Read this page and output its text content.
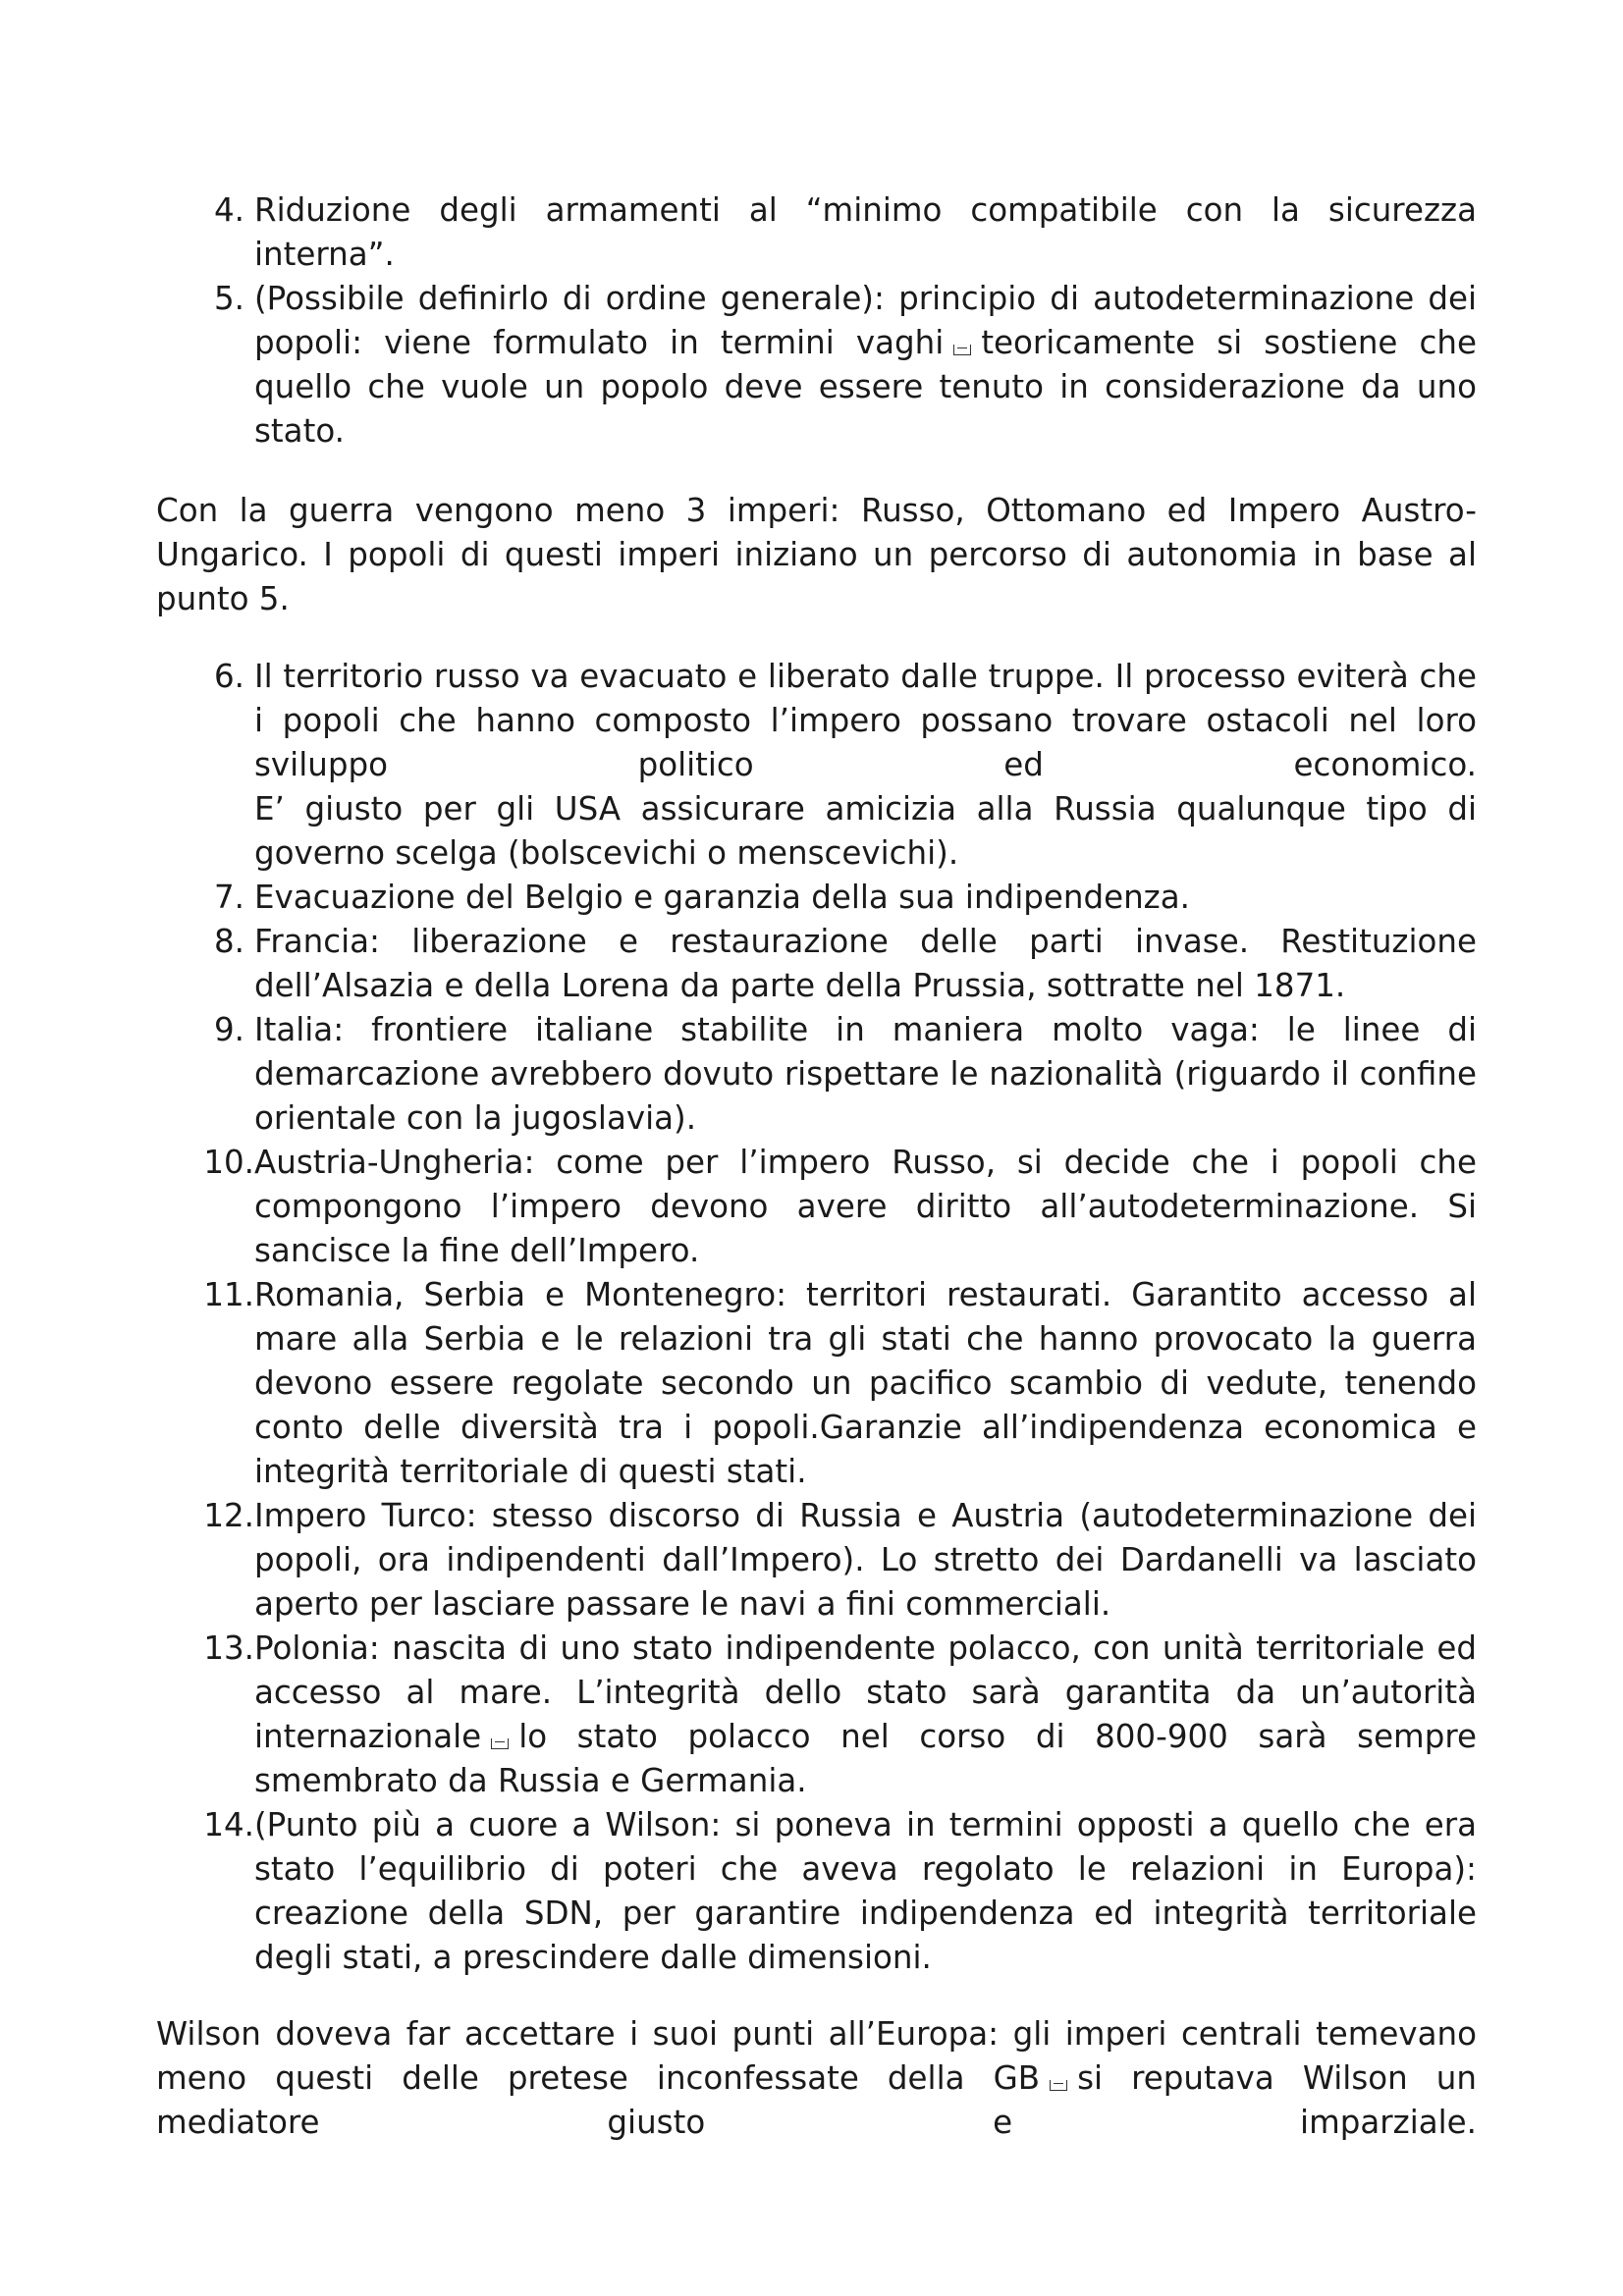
4. Riduzione degli armamenti al “minimo compatibile con la sicurezza interna”.
5. (Possibile definirlo di ordine generale): principio di autodeterminazione dei popoli: viene formulato in termini vaghi teoricamente si sostiene che quello che vuole un popolo deve essere tenuto in considerazione da uno stato.

Con la guerra vengono meno 3 imperi: Russo, Ottomano ed Impero Austro-Ungarico. I popoli di questi imperi iniziano un percorso di autonomia in base al punto 5.

6. Il territorio russo va evacuato e liberato dalle truppe. Il processo eviterà che i popoli che hanno composto l’impero possano trovare ostacoli nel loro sviluppo politico ed economico.
E’ giusto per gli USA assicurare amicizia alla Russia qualunque tipo di governo scelga (bolscevichi o menscevichi).
7. Evacuazione del Belgio e garanzia della sua indipendenza.
8. Francia: liberazione e restaurazione delle parti invase. Restituzione dell’Alsazia e della Lorena da parte della Prussia, sottratte nel 1871.
9. Italia: frontiere italiane stabilite in maniera molto vaga: le linee di demarcazione avrebbero dovuto rispettare le nazionalità (riguardo il confine orientale con la jugoslavia).
10. Austria-Ungheria: come per l’impero Russo, si decide che i popoli che compongono l’impero devono avere diritto all’autodeterminazione. Si sancisce la fine dell’Impero.
11. Romania, Serbia e Montenegro: territori restaurati. Garantito accesso al mare alla Serbia e le relazioni tra gli stati che hanno provocato la guerra devono essere regolate secondo un pacifico scambio di vedute, tenendo conto delle diversità tra i popoli.Garanzie all’indipendenza economica e integrità territoriale di questi stati.
12. Impero Turco: stesso discorso di Russia e Austria (autodeterminazione dei popoli, ora indipendenti dall’Impero). Lo stretto dei Dardanelli va lasciato aperto per lasciare passare le navi a fini commerciali.
13. Polonia: nascita di uno stato indipendente polacco, con unità territoriale ed accesso al mare. L’integrità dello stato sarà garantita da un’autorità internazionale lo stato polacco nel corso di 800-900 sarà sempre smembrato da Russia e Germania.
14. (Punto più a cuore a Wilson: si poneva in termini opposti a quello che era stato l’equilibrio di poteri che aveva regolato le relazioni in Europa): creazione della SDN, per garantire indipendenza ed integrità territoriale degli stati, a prescindere dalle dimensioni.

Wilson doveva far accettare i suoi punti all’Europa: gli imperi centrali temevano meno questi delle pretese inconfessate della GB si reputava Wilson un mediatore giusto e imparziale.
